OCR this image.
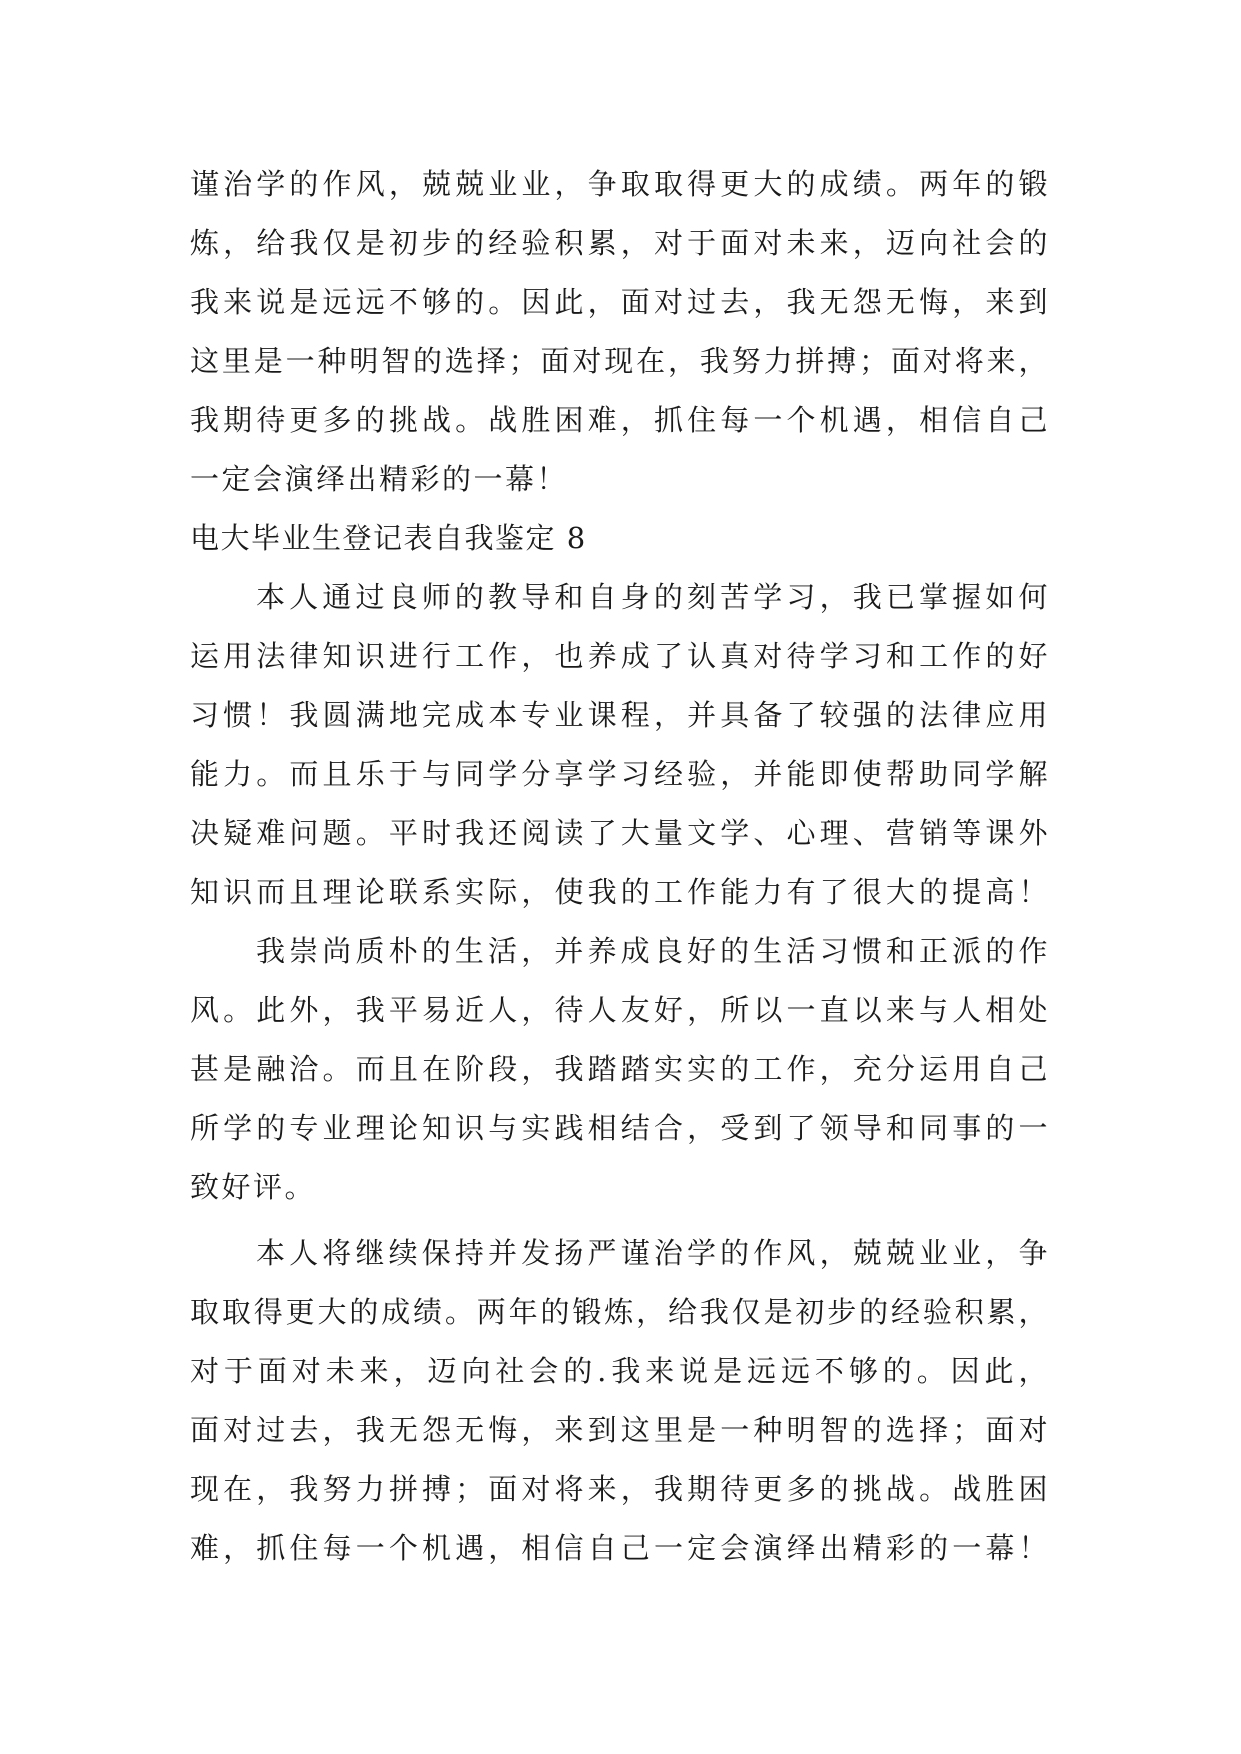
谨治学的作风，兢兢业业，争取取得更大的成绩。两年的锻
炼，给我仅是初步的经验积累，对于面对未来，迈向社会的
我来说是远远不够的。因此，面对过去，我无怨无悔，来到
这里是一种明智的选择；面对现在，我努力拼搏；面对将来，
我期待更多的挑战。战胜困难，抓住每一个机遇，相信自己
一定会演绎出精彩的一幕！
电大毕业生登记表自我鉴定 8
本人通过良师的教导和自身的刻苦学习，我已掌握如何
运用法律知识进行工作，也养成了认真对待学习和工作的好
习惯！我圆满地完成本专业课程，并具备了较强的法律应用
能力。而且乐于与同学分享学习经验，并能即使帮助同学解
决疑难问题。平时我还阅读了大量文学、心理、营销等课外
知识而且理论联系实际，使我的工作能力有了很大的提高！
我崇尚质朴的生活，并养成良好的生活习惯和正派的作
风。此外，我平易近人，待人友好，所以一直以来与人相处
甚是融洽。而且在阶段，我踏踏实实的工作，充分运用自己
所学的专业理论知识与实践相结合，受到了领导和同事的一
致好评。
本人将继续保持并发扬严谨治学的作风，兢兢业业，争
取取得更大的成绩。两年的锻炼，给我仅是初步的经验积累，
对于面对未来，迈向社会的.我来说是远远不够的。因此，
面对过去，我无怨无悔，来到这里是一种明智的选择；面对
现在，我努力拼搏；面对将来，我期待更多的挑战。战胜困
难，抓住每一个机遇，相信自己一定会演绎出精彩的一幕！
